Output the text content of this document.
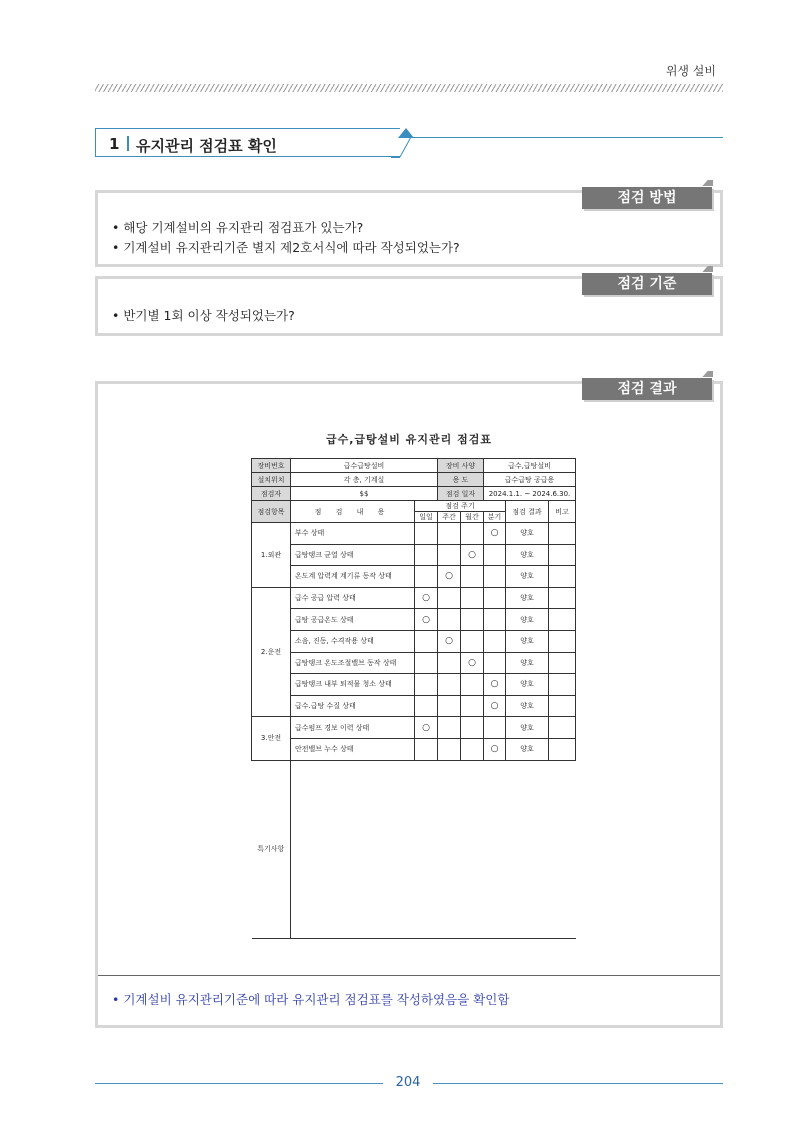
위생 설비
1 유지관리 점검표 확인
점검 방법
• 해당 기계설비의 유지관리 점검표가 있는가?
• 기계설비 유지관리기준 별지 제2호서식에 따라 작성되었는가?
점검 기준
• 반기별 1회 이상 작성되었는가?
점검 결과
급수,급탕설비 유지관리 점검표
장비번호	급수급탕설비		장비 사양		급수,급탕설비		
설치위치	각 층, 기계실		용 도		급수급탕 공급용		
점검자	$$		점검 일자		2024.1.1. ~ 2024.6.30.		
점검항목	점 검 내 용	점검 주기				점검 결과	비고
		일일	주간	월간	분기		
1.외관	부수 상태				○	양호	
	급탕탱크 균열 상태			○		양호	
	온도계 압력계 계기류 동작 상태		○			양호	
2.운전	급수 공급 압력 상태	○				양호	
	급탕 공급온도 상태	○				양호	
	소음, 진동, 수격작용 상태		○			양호	
	급탕탱크 온도조절밸브 동작 상태			○		양호	
	급탕탱크 내부 퇴적물 청소 상태				○	양호	
	급수.급탕 수질 상태				○	양호	
3.안전	급수펌프 경보 이력 상태	○				양호	
	안전밸브 누수 상태				○	양호	
특기사항							
• 기계설비 유지관리기준에 따라 유지관리 점검표를 작성하였음을 확인함
204
